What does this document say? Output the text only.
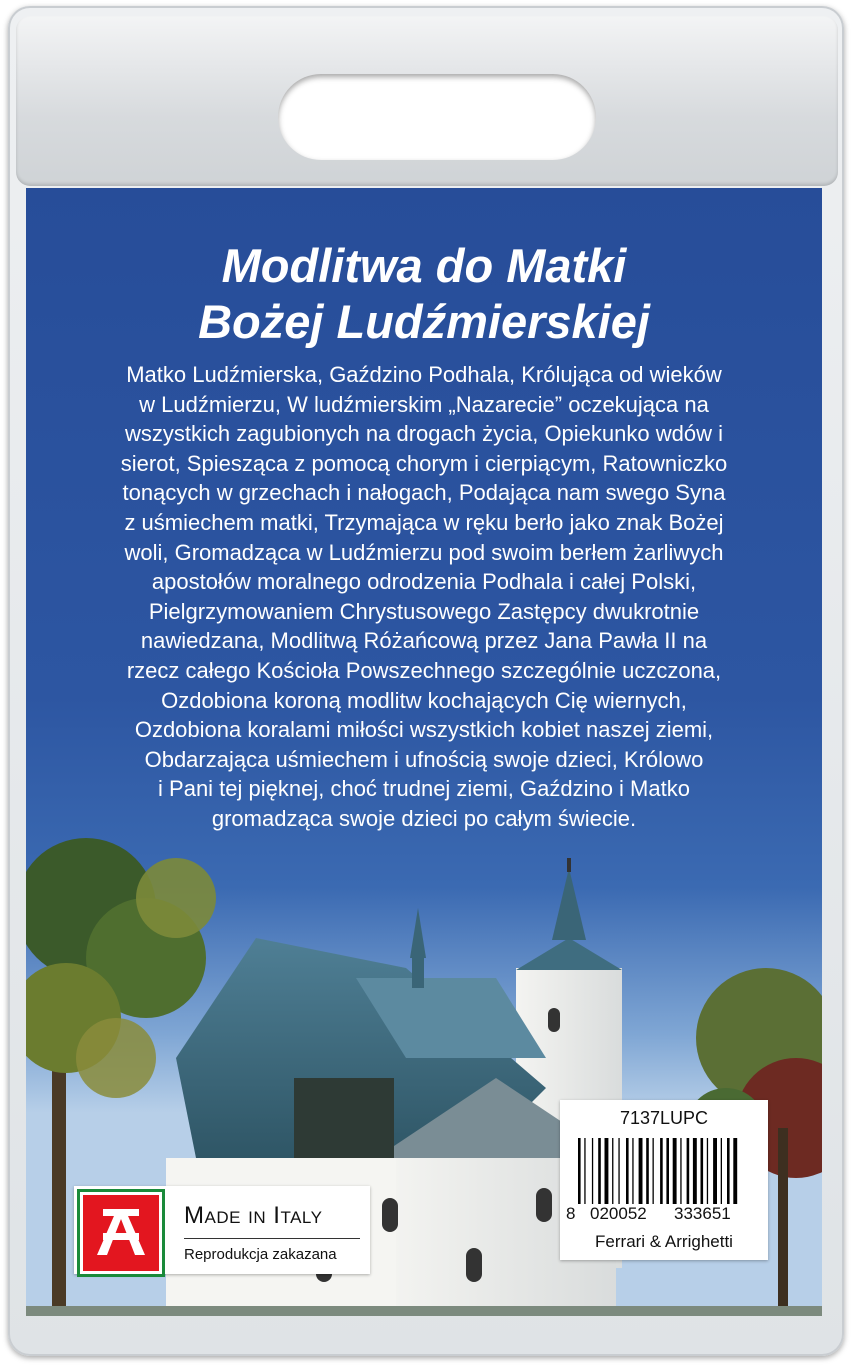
Modlitwa do Matki
Bożej Ludźmierskiej
Matko Ludźmierska, Gaździno Podhala, Królująca od wieków
w Ludźmierzu, W ludźmierskim „Nazarecie” oczekująca na
wszystkich zagubionych na drogach życia, Opiekunko wdów i
sierot, Spiesząca z pomocą chorym i cierpiącym, Ratowniczko
tonących w grzechach i nałogach, Podająca nam swego Syna
z uśmiechem matki, Trzymająca w ręku berło jako znak Bożej
woli, Gromadząca w Ludźmierzu pod swoim berłem żarliwych
apostołów moralnego odrodzenia Podhala i całej Polski,
Pielgrzymowaniem Chrystusowego Zastępcy dwukrotnie
nawiedzana, Modlitwą Różańcową przez Jana Pawła II na
rzecz całego Kościoła Powszechnego szczególnie uczczona,
Ozdobiona koroną modlitw kochających Cię wiernych,
Ozdobiona koralami miłości wszystkich kobiet naszej ziemi,
Obdarzająca uśmiechem i ufnością swoje dzieci, Królowo
i Pani tej pięknej, choć trudnej ziemi, Gaździno i Matko
gromadząca swoje dzieci po całym świecie.
Made in Italy
Reprodukcja zakazana
7137LUPC
8 020052 333651
Ferrari & Arrighetti
